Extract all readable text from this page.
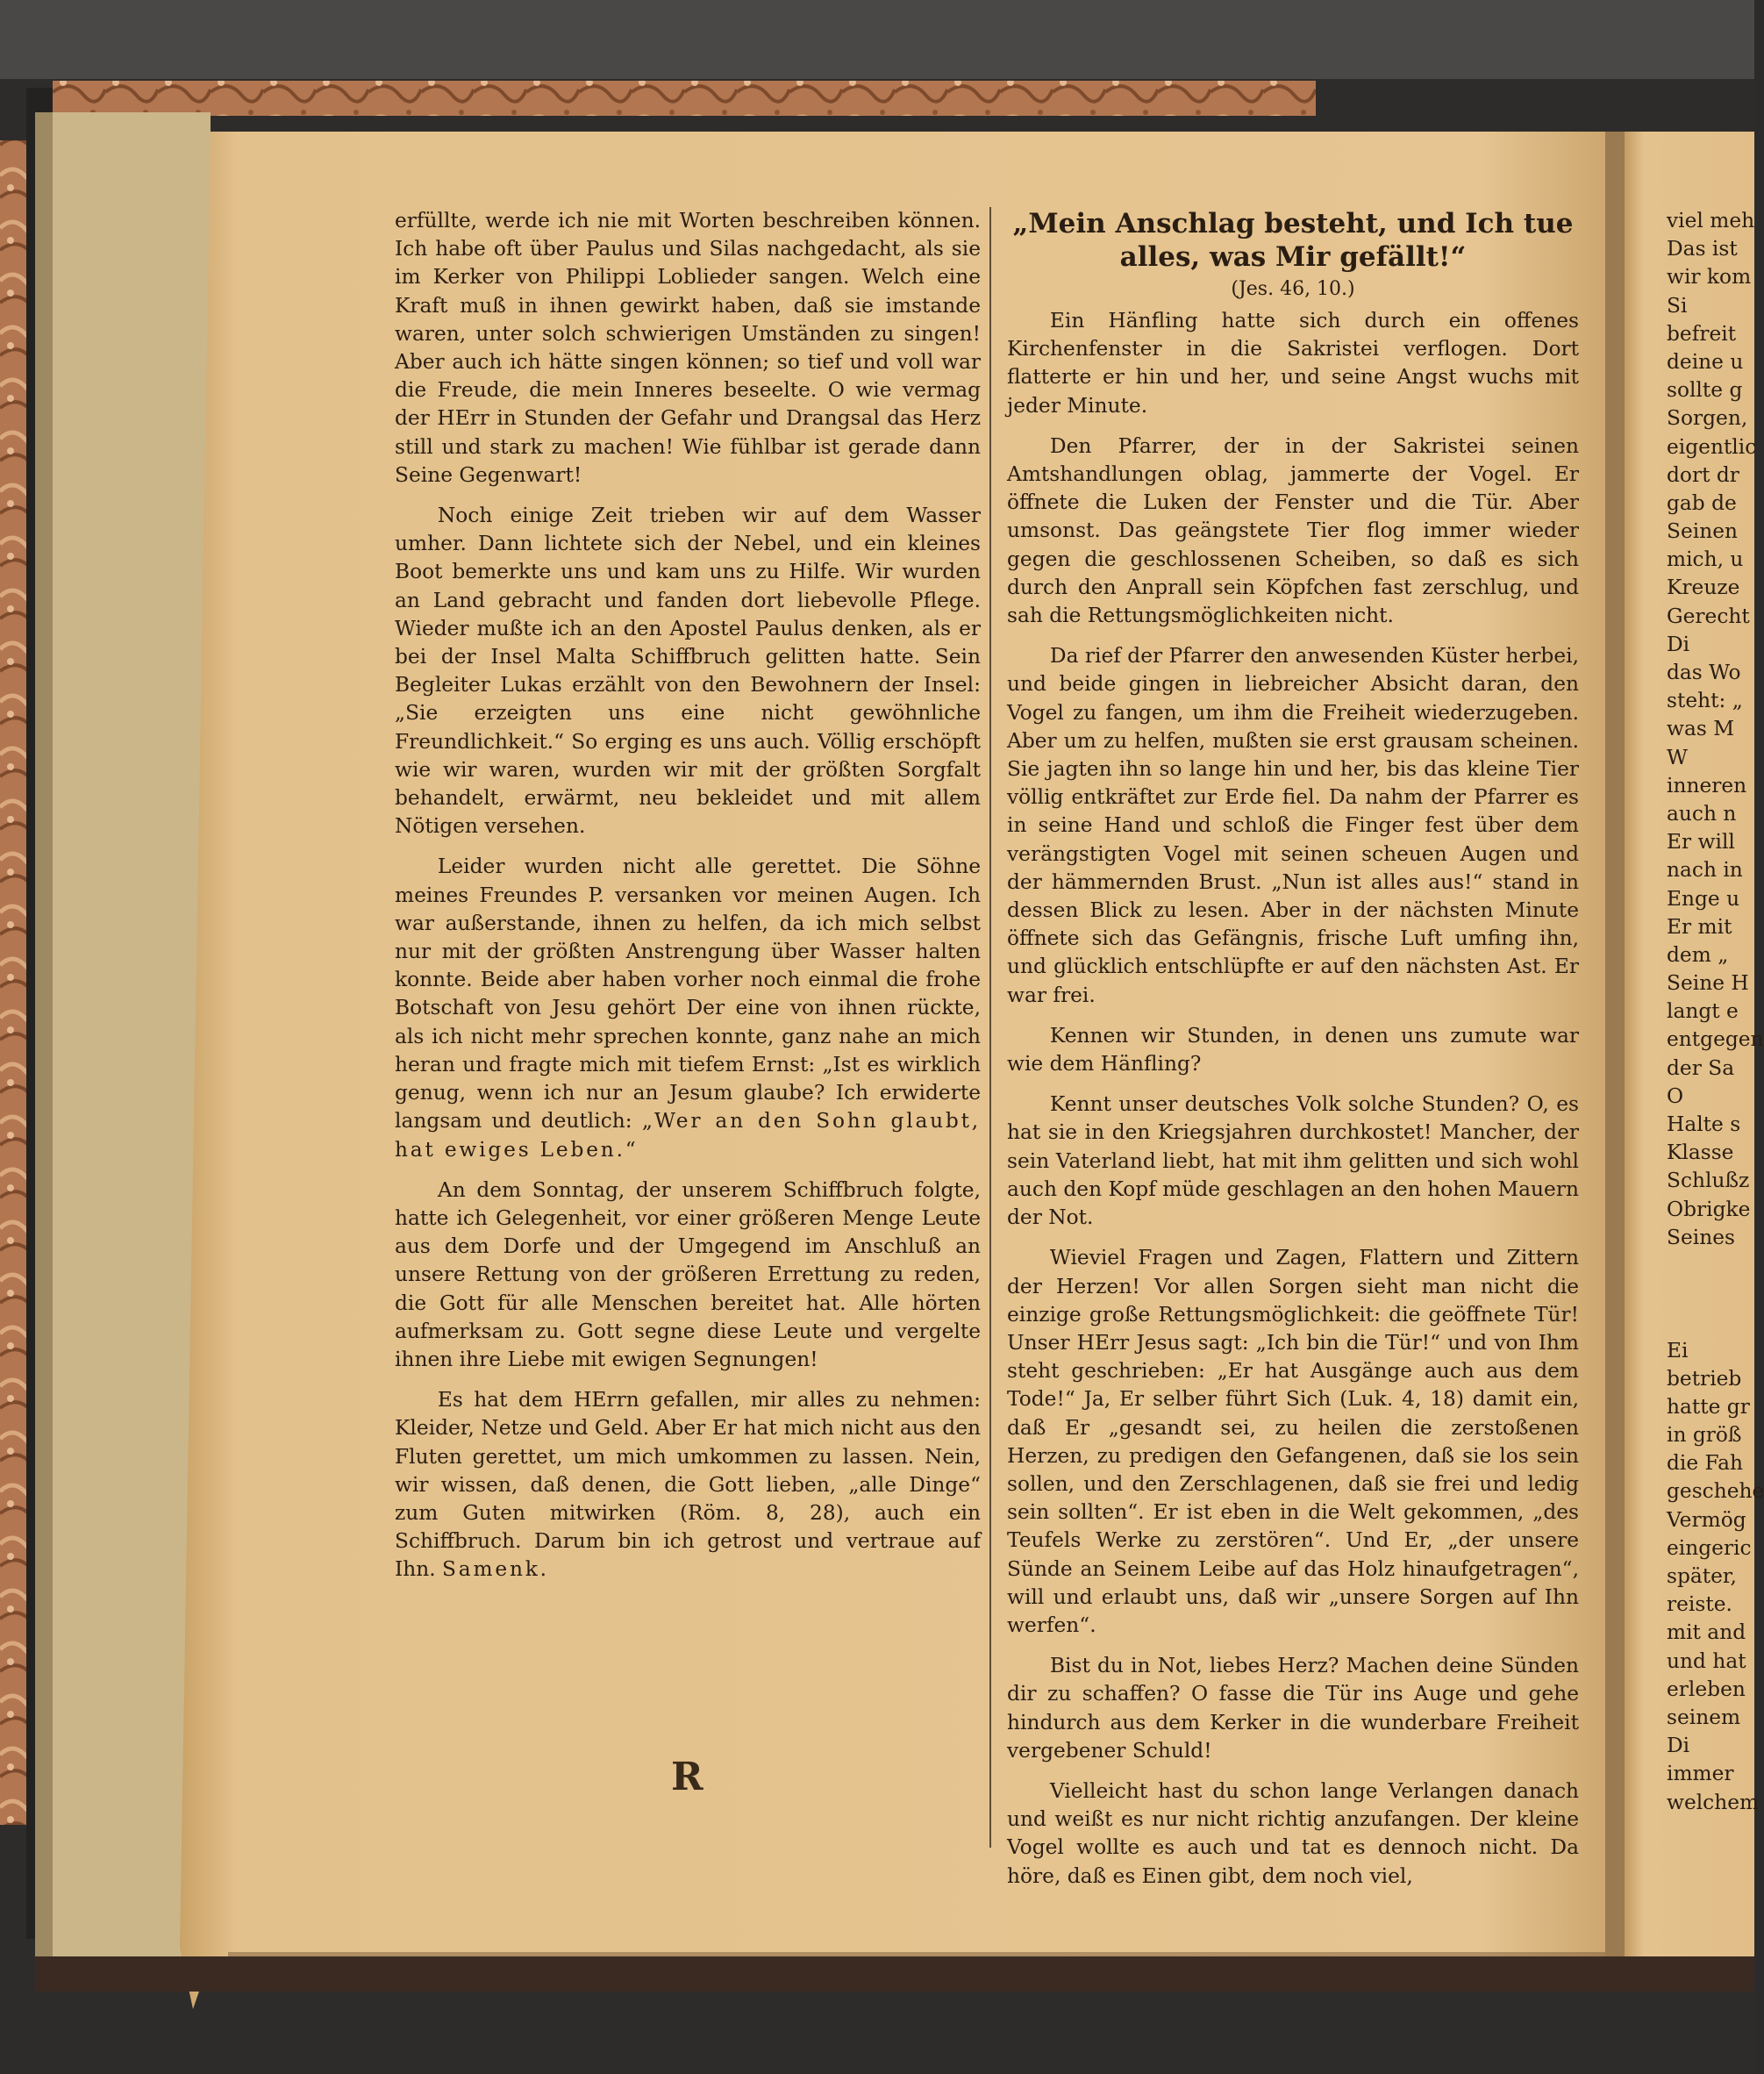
erfüllte, werde ich nie mit Worten beschreiben können. Ich habe oft über Paulus und Silas nachgedacht, als sie im Kerker von Philippi Loblieder sangen. Welch eine Kraft muß in ihnen gewirkt haben, daß sie imstande waren, unter solch schwierigen Umständen zu singen! Aber auch ich hätte singen können; so tief und voll war die Freude, die mein Inneres beseelte. O wie vermag der HErr in Stunden der Gefahr und Drangsal das Herz still und stark zu machen! Wie fühlbar ist gerade dann Seine Gegenwart!

Noch einige Zeit trieben wir auf dem Wasser umher. Dann lichtete sich der Nebel, und ein kleines Boot bemerkte uns und kam uns zu Hilfe. Wir wurden an Land gebracht und fanden dort liebevolle Pflege. Wieder mußte ich an den Apostel Paulus denken, als er bei der Insel Malta Schiffbruch gelitten hatte. Sein Begleiter Lukas erzählt von den Bewohnern der Insel: „Sie erzeigten uns eine nicht gewöhnliche Freundlichkeit.“ So erging es uns auch. Völlig erschöpft wie wir waren, wurden wir mit der größten Sorgfalt behandelt, erwärmt, neu bekleidet und mit allem Nötigen versehen.

Leider wurden nicht alle gerettet. Die Söhne meines Freundes P. versanken vor meinen Augen. Ich war außerstande, ihnen zu helfen, da ich mich selbst nur mit der größten Anstrengung über Wasser halten konnte. Beide aber haben vorher noch einmal die frohe Botschaft von Jesu gehört Der eine von ihnen rückte, als ich nicht mehr sprechen konnte, ganz nahe an mich heran und fragte mich mit tiefem Ernst: „Ist es wirklich genug, wenn ich nur an Jesum glaube? Ich erwiderte langsam und deutlich: „Wer an den Sohn glaubt, hat ewiges Leben.“

An dem Sonntag, der unserem Schiffbruch folgte, hatte ich Gelegenheit, vor einer größeren Menge Leute aus dem Dorfe und der Umgegend im Anschluß an unsere Rettung von der größeren Errettung zu reden, die Gott für alle Menschen bereitet hat. Alle hörten aufmerksam zu. Gott segne diese Leute und vergelte ihnen ihre Liebe mit ewigen Segnungen!

Es hat dem HErrn gefallen, mir alles zu nehmen: Kleider, Netze und Geld. Aber Er hat mich nicht aus den Fluten gerettet, um mich umkommen zu lassen. Nein, wir wissen, daß denen, die Gott lieben, „alle Dinge“ zum Guten mitwirken (Röm. 8, 28), auch ein Schiffbruch. Darum bin ich getrost und vertraue auf Ihn. Samenk.

R

„Mein Anschlag besteht, und Ich tue alles, was Mir gefällt!“

(Jes. 46, 10.)

Ein Hänfling hatte sich durch ein offenes Kirchenfenster in die Sakristei verflogen. Dort flatterte er hin und her, und seine Angst wuchs mit jeder Minute.

Den Pfarrer, der in der Sakristei seinen Amtshandlungen oblag, jammerte der Vogel. Er öffnete die Luken der Fenster und die Tür. Aber umsonst. Das geängstete Tier flog immer wieder gegen die geschlossenen Scheiben, so daß es sich durch den Anprall sein Köpfchen fast zerschlug, und sah die Rettungsmöglichkeiten nicht.

Da rief der Pfarrer den anwesenden Küster herbei, und beide gingen in liebreicher Absicht daran, den Vogel zu fangen, um ihm die Freiheit wiederzugeben. Aber um zu helfen, mußten sie erst grausam scheinen. Sie jagten ihn so lange hin und her, bis das kleine Tier völlig entkräftet zur Erde fiel. Da nahm der Pfarrer es in seine Hand und schloß die Finger fest über dem verängstigten Vogel mit seinen scheuen Augen und der hämmernden Brust. „Nun ist alles aus!“ stand in dessen Blick zu lesen. Aber in der nächsten Minute öffnete sich das Gefängnis, frische Luft umfing ihn, und glücklich entschlüpfte er auf den nächsten Ast. Er war frei.

Kennen wir Stunden, in denen uns zumute war wie dem Hänfling?

Kennt unser deutsches Volk solche Stunden? O, es hat sie in den Kriegsjahren durchkostet! Mancher, der sein Vaterland liebt, hat mit ihm gelitten und sich wohl auch den Kopf müde geschlagen an den hohen Mauern der Not.

Wieviel Fragen und Zagen, Flattern und Zittern der Herzen! Vor allen Sorgen sieht man nicht die einzige große Rettungsmöglichkeit: die geöffnete Tür! Unser HErr Jesus sagt: „Ich bin die Tür!“ und von Ihm steht geschrieben: „Er hat Ausgänge auch aus dem Tode!“ Ja, Er selber führt Sich (Luk. 4, 18) damit ein, daß Er „gesandt sei, zu heilen die zerstoßenen Herzen, zu predigen den Gefangenen, daß sie los sein sollen, und den Zerschlagenen, daß sie frei und ledig sein sollten“. Er ist eben in die Welt gekommen, „des Teufels Werke zu zerstören“. Und Er, „der unsere Sünde an Seinem Leibe auf das Holz hinaufgetragen“, will und erlaubt uns, daß wir „unsere Sorgen auf Ihn werfen“.

Bist du in Not, liebes Herz? Machen deine Sünden dir zu schaffen? O fasse die Tür ins Auge und gehe hindurch aus dem Kerker in die wunderbare Freiheit vergebener Schuld!

Vielleicht hast du schon lange Verlangen danach und weißt es nur nicht richtig anzufangen. Der kleine Vogel wollte es auch und tat es dennoch nicht. Da höre, daß es Einen gibt, dem noch viel,

viel meh
Das ist
wir kom
Si
befreit
deine u
sollte g
Sorgen,
eigentlic
dort dr
gab de
Seinen
mich, u
Kreuze
Gerecht
Di
das Wo
steht: „
was M
W
inneren
auch n
Er will
nach in
Enge u
Er mit
dem „
Seine H
langt e
entgegen
der Sa
O
Halte s
Klasse
Schlußz
Obrigke
Seines
Ei
betrieb
hatte gr
in größ
die Fah
geschehe
Vermög
eingeric
später,
reiste.
mit and
und hat
erleben
seinem
Di
immer
welchem
